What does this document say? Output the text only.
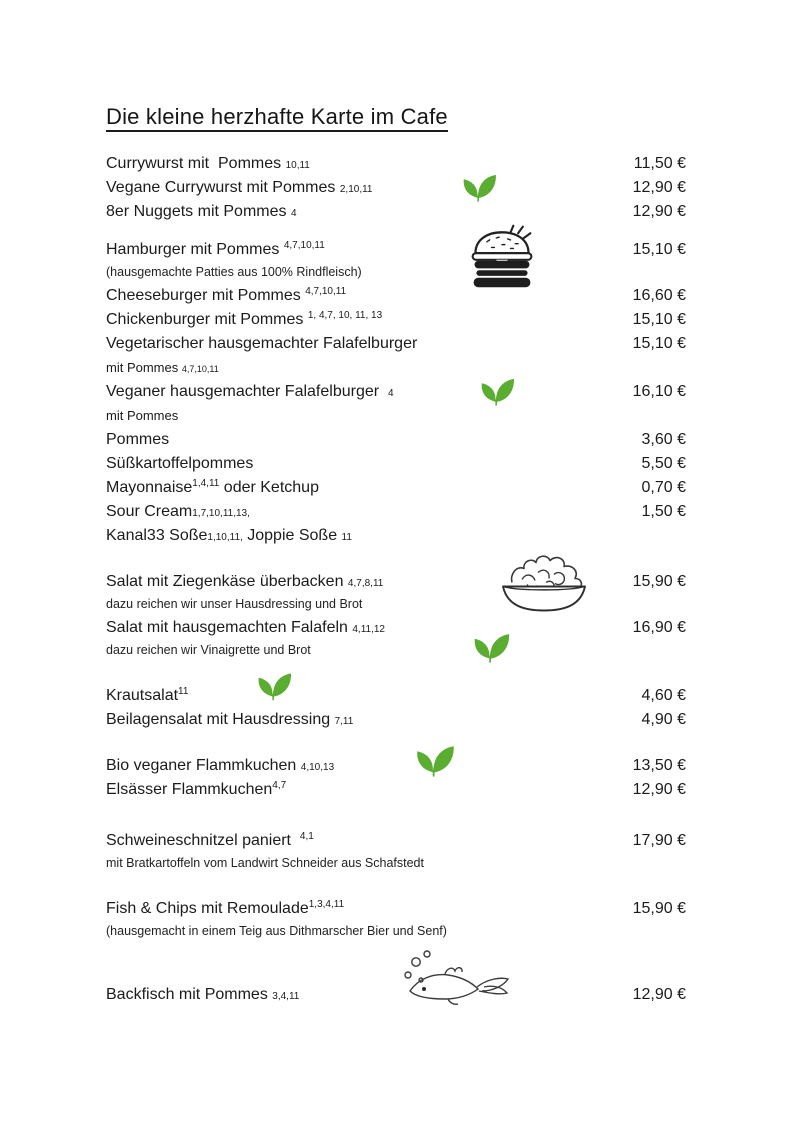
Die kleine herzhafte Karte im Cafe
Currywurst mit  Pommes 10,11	11,50 €
Vegane Currywurst mit Pommes 2,10,11	12,90 €
8er Nuggets mit Pommes 4	12,90 €
Hamburger mit Pommes $^{4,7,10,11}$	15,10 €
(hausgemachte Patties aus 100% Rindfleisch)
Cheeseburger mit Pommes $^{4,7,10,11}$	16,60 €
Chickenburger mit Pommes $^{1, 4,7, 10, 11, 13}$	15,10 €
Vegetarischer hausgemachter Falafelburger	15,10 €
mit Pommes 4,7,10,11
Veganer hausgemachter Falafelburger  4	16,10 €
mit Pommes
Pommes	3,60 €
Süßkartoffelpommes	5,50 €
Mayonnaise$^{1,4,11}$ oder Ketchup	0,70 €
Sour Cream1,7,10,11,13,	1,50 €
Kanal33 Soße1,10,11, Joppie Soße 11
Salat mit Ziegenkäse überbacken 4,7,8,11	15,90 €
dazu reichen wir unser Hausdressing und Brot
Salat mit hausgemachten Falafeln 4,11,12	16,90 €
dazu reichen wir Vinaigrette und Brot
Krautsalat$^{11}$	4,60 €
Beilagensalat mit Hausdressing 7,11	4,90 €
Bio veganer Flammkuchen 4,10,13	13,50 €
Elsässer Flammkuchen$^{4,7}$	12,90 €
Schweineschnitzel paniert  $^{4,1}$	17,90 €
mit Bratkartoffeln vom Landwirt Schneider aus Schafstedt
Fish & Chips mit Remoulade$^{1,3,4,11}$	15,90 €
(hausgemacht in einem Teig aus Dithmarscher Bier und Senf)
Backfisch mit Pommes 3,4,11	12,90 €
